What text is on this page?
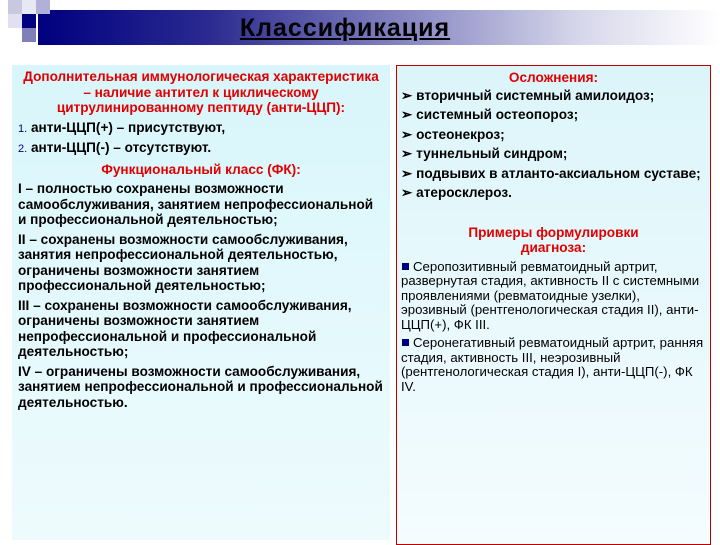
Классификация

Дополнительная иммунологическая характеристика – наличие антител к циклическому цитрулинированному пептиду (анти-ЦЦП):

1. анти-ЦЦП(+) – присутствуют,

2. анти-ЦЦП(-) – отсутствуют.

Функциональный класс (ФК):

I – полностью сохранены возможности самообслуживания, занятием непрофессиональной и профессиональной деятельностью;

II – сохранены возможности самообслуживания, занятия непрофессиональной деятельностью, ограничены возможности занятием профессиональной деятельностью;

III – сохранены возможности самообслуживания, ограничены возможности занятием непрофессиональной и профессиональной деятельностью;

IV – ограничены возможности самообслуживания, занятием непрофессиональной и профессиональной деятельностью.

Осложнения:

➢ вторичный системный амилоидоз;

➢ системный остеопороз;

➢ остеонекроз;

➢ туннельный синдром;

➢ подвывих в атланто-аксиальном суставе;

➢ атеросклероз.

Примеры формулировки диагноза:

Серопозитивный ревматоидный артрит, развернутая стадия, активность II с системными проявлениями (ревматоидные узелки), эрозивный (рентгенологическая стадия II), анти-ЦЦП(+), ФК III.

Серонегативный ревматоидный артрит, ранняя стадия, активность III, неэрозивный (рентгенологическая стадия I), анти-ЦЦП(-), ФК IV.
